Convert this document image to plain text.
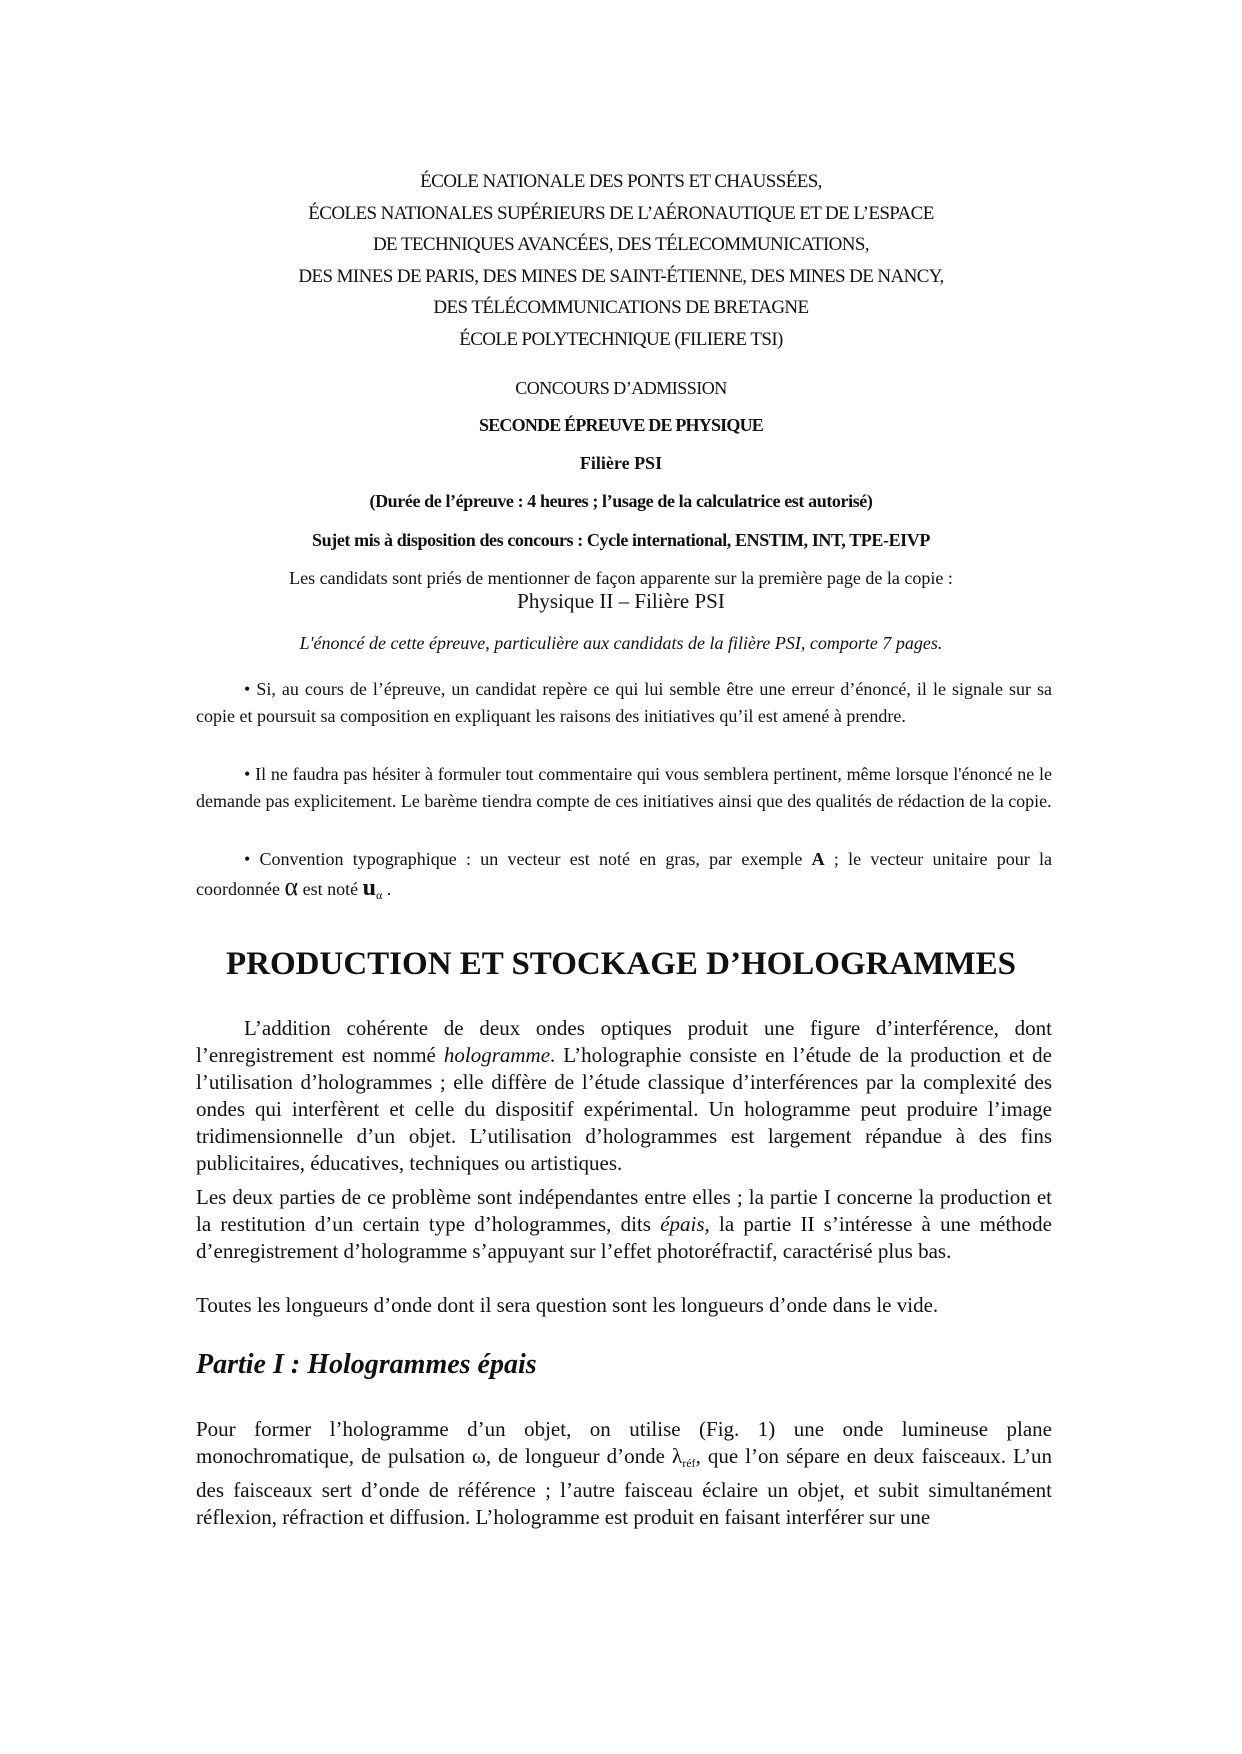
ÉCOLE NATIONALE DES PONTS ET CHAUSSÉES,
ÉCOLES NATIONALES SUPÉRIEURS DE L’AÉRONAUTIQUE ET DE L’ESPACE
DE TECHNIQUES AVANCÉES, DES TÉLECOMMUNICATIONS,
DES MINES DE PARIS, DES MINES DE SAINT-ÉTIENNE, DES MINES DE NANCY,
DES TÉLÉCOMMUNICATIONS DE BRETAGNE
ÉCOLE POLYTECHNIQUE (FILIERE TSI)
CONCOURS D’ADMISSION
SECONDE ÉPREUVE DE PHYSIQUE
Filière PSI
(Durée de l’épreuve : 4 heures ; l’usage de la calculatrice est autorisé)
Sujet mis à disposition des concours : Cycle international, ENSTIM, INT, TPE-EIVP
Les candidats sont priés de mentionner de façon apparente sur la première page de la copie :
Physique II – Filière PSI
L'énoncé de cette épreuve, particulière aux candidats de la filière PSI, comporte 7 pages.
• Si, au cours de l’épreuve, un candidat repère ce qui lui semble être une erreur d’énoncé, il le signale sur sa copie et poursuit sa composition en expliquant les raisons des initiatives qu’il est amené à prendre.
• Il ne faudra pas hésiter à formuler tout commentaire qui vous semblera pertinent, même lorsque l'énoncé ne le demande pas explicitement. Le barème tiendra compte de ces initiatives ainsi que des qualités de rédaction de la copie.
• Convention typographique : un vecteur est noté en gras, par exemple A ; le vecteur unitaire pour la coordonnée α est noté $u_\alpha$ .
PRODUCTION ET STOCKAGE D’HOLOGRAMMES
L’addition cohérente de deux ondes optiques produit une figure d’interférence, dont l’enregistrement est nommé hologramme. L’holographie consiste en l’étude de la production et de l’utilisation d’hologrammes ; elle diffère de l’étude classique d’interférences par la complexité des ondes qui interfèrent et celle du dispositif expérimental. Un hologramme peut produire l’image tridimensionnelle d’un objet. L’utilisation d’hologrammes est largement répandue à des fins publicitaires, éducatives, techniques ou artistiques.
Les deux parties de ce problème sont indépendantes entre elles ; la partie I concerne la production et la restitution d’un certain type d’hologrammes, dits épais, la partie II s’intéresse à une méthode d’enregistrement d’hologramme s’appuyant sur l’effet photoréfractif, caractérisé plus bas.
Toutes les longueurs d’onde dont il sera question sont les longueurs d’onde dans le vide.
Partie I : Hologrammes épais
Pour former l’hologramme d’un objet, on utilise (Fig. 1) une onde lumineuse plane monochromatique, de pulsation ω, de longueur d’onde $\lambda_{réf}$, que l’on sépare en deux faisceaux. L’un des faisceaux sert d’onde de référence ; l’autre faisceau éclaire un objet, et subit simultanément réflexion, réfraction et diffusion. L’hologramme est produit en faisant interférer sur une
